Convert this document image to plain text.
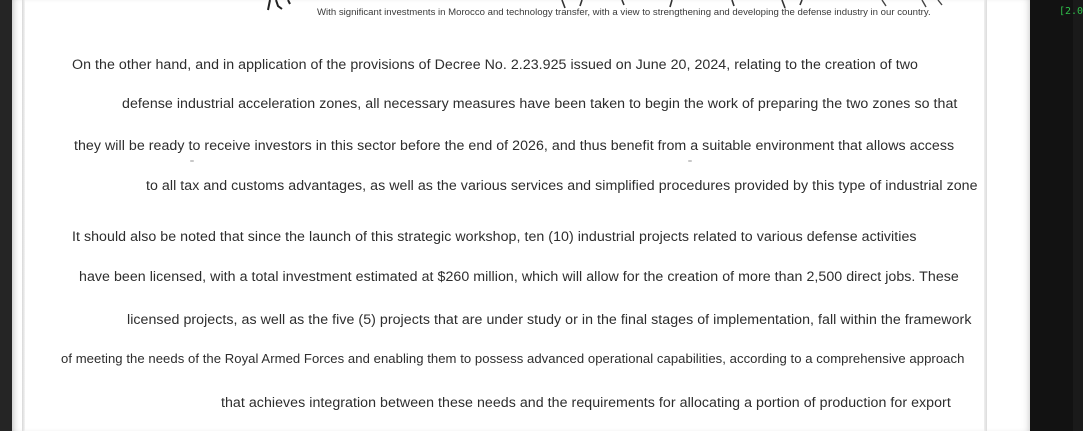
With significant investments in Morocco and technology transfer, with a view to strengthening and developing the defense industry in our country.
On the other hand, and in application of the provisions of Decree No. 2.23.925 issued on June 20, 2024, relating to the creation of two
defense industrial acceleration zones, all necessary measures have been taken to begin the work of preparing the two zones so that
they will be ready to receive investors in this sector before the end of 2026, and thus benefit from a suitable environment that allows access
to all tax and customs advantages, as well as the various services and simplified procedures provided by this type of industrial zone
It should also be noted that since the launch of this strategic workshop, ten (10) industrial projects related to various defense activities
have been licensed, with a total investment estimated at $260 million, which will allow for the creation of more than 2,500 direct jobs. These
licensed projects, as well as the five (5) projects that are under study or in the final stages of implementation, fall within the framework
of meeting the needs of the Royal Armed Forces and enabling them to possess advanced operational capabilities, according to a comprehensive approach
that achieves integration between these needs and the requirements for allocating a portion of production for export
[2.0
